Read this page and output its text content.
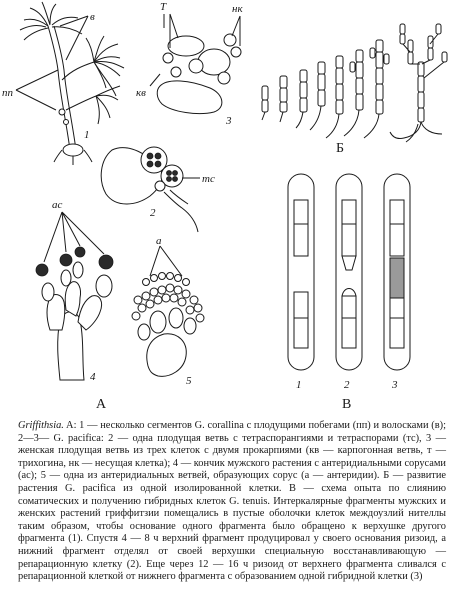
в
пп
1
тс
2
Т	нк
кв
3
ас
4
а
5
А
Б
1	2	3
В

Griffithsia. A: 1 — несколько сегментов G. corallina с плодущими побегами (пп) и волосками (в); 2—3— G. pacifica: 2 — одна плодущая ветвь с тетраспорангиями и тетраспорами (тс), 3 — женская плодущая ветвь из трех клеток с двумя прокарпиями (кв — карпогонная ветвь, т — трихогина, нк — несущая клетка); 4 — кончик мужского растения с антеридиальными сорусами (ас); 5 — одна из антеридиальных ветвей, образующих сорус (а — антеридии). Б — развитие растения G. pacifica из одной изолированной клетки. В — схема опыта по слиянию соматических и получению гибридных клеток G. tenuis. Интеркалярные фрагменты мужских и женских растений гриффитзии помещались в пустые оболочки клеток междоузлий нителлы таким образом, чтобы основание одного фрагмента было обращено к верхушке другого фрагмента (1). Спустя 4 — 8 ч верхний фрагмент продуцировал у своего основания ризоид, а нижний фрагмент отделял от своей верхушки специальную восстанавливающую — репарационную клетку (2). Еще через 12 — 16 ч ризоид от верхнего фрагмента сливался с репарационной клеткой от нижнего фрагмента с образованием одной гибридной клетки (3)
